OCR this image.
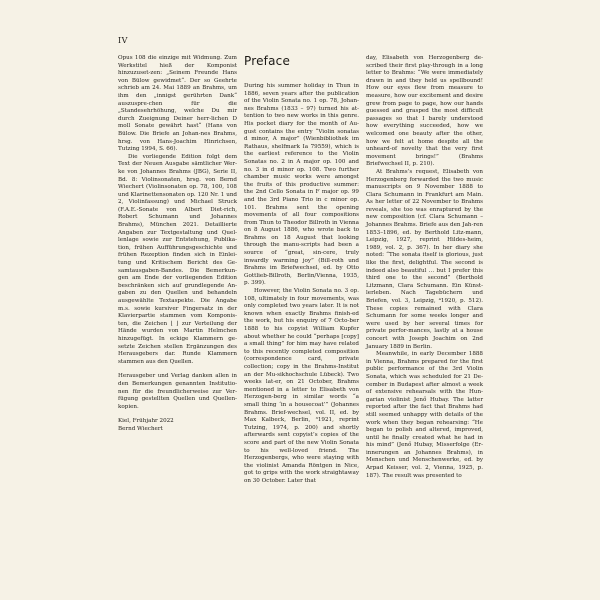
IV

Opus 108 die einzige mit Widmung. Zum Werkstitel hieß der Komponist hinzuzuset-zen: „Seinem Freunde Hans von Bülow gewidmet“. Der so Geehrte schrieb am 24. Mai 1889 an Brahms, um ihm den „innigst gerührten Dank“ auszuspre-chen für die „Standesehrhöhung, welche Du mir durch Zueignung Deiner herr-lichen D moll Sonate gewährt hast“ (Hans von Bülow. Die Briefe an Johan-nes Brahms, hrsg. von Hans-Joachim Hinrichsen, Tutzing 1994, S. 66).

Die vorliegende Edition folgt dem Text der Neuen Ausgabe sämtlicher Wer-ke von Johannes Brahms (JBG), Serie II, Bd. 8: Violinsonaten, hrsg. von Bernd Wiechert (Violinsonaten op. 78, 100, 108 und Klarinettensonaten op. 120 Nr. 1 und 2, Violinfassung) und Michael Struck (F.A.E.-Sonate von Albert Diet-rich, Robert Schumann und Johannes Brahms), München 2021. Detaillierte Angaben zur Textgestaltung und Quel-lenlage sowie zur Entstehung, Publika-tion, frühen Aufführungsgeschichte und frühen Rezeption finden sich in Einlei-tung und Kritischem Bericht des Ge-samtausgaben-Bandes. Die Bemerkun-gen am Ende der vorliegenden Edition beschränken sich auf grundlegende An-gaben zu den Quellen und behandeln ausgewählte Textaspekte. Die Angabe m.s. sowie kursiver Fingersatz in der Klavierpartie stammen vom Komponis-ten, die Zeichen ⌊ ⌋ zur Verteilung der Hände wurden von Martin Helmchen hinzugefügt. In eckige Klammern ge-setzte Zeichen stellen Ergänzungen des Herausgebers dar. Runde Klammern stammen aus den Quellen.

Herausgeber und Verlag danken allen in den Bemerkungen genannten Institutio-nen für die freundlicherweise zur Ver-fügung gestellten Quellen und Quellen-kopien.

Kiel, Frühjahr 2022

Bernd Wiechert

Preface

During his summer holiday in Thun in 1886, seven years after the publication of the Violin Sonata no. 1 op. 78, Johan-nes Brahms (1833 – 97) turned his at-tention to two new works in this genre. His pocket diary for the month of Au-gust contains the entry “Violin sonatas d minor, A major” (Wienbibliothek im Rathaus, shelfmark Ia 79559), which is the earliest reference to the Violin Sonatas no. 2 in A major op. 100 and no. 3 in d minor op. 108. Two further chamber music works were amongst the fruits of this productive summer: the 2nd Cello Sonata in F major op. 99 and the 3rd Piano Trio in c minor op. 101. Brahms sent the opening movements of all four compositions from Thun to Theodor Billroth in Vienna on 8 August 1886, who wrote back to Brahms on 18 August that looking through the manu-scripts had been a source of “great, sin-cere, truly inwardly warming joy” (Bill-roth und Brahms im Briefwechsel, ed. by Otto Gottlieb-Billroth, Berlin/Vienna, 1935, p. 399).

However, the Violin Sonata no. 3 op. 108, ultimately in four movements, was only completed two years later. It is not known when exactly Brahms finish-ed the work, but his enquiry of 7 Octo-ber 1888 to his copyist William Kupfer about whether he could “perhaps [copy] a small thing” for him may have related to this recently completed composition (correspondence card, private collection; copy in the Brahms-Institut an der Mu-sikhochschule Lübeck). Two weeks lat-er, on 21 October, Brahms mentioned in a letter to Elisabeth von Herzogen-berg in similar words “a small thing ‘in a housecoat’” (Johannes Brahms. Brief-wechsel, vol. II, ed. by Max Kalbeck, Berlin, ³1921, reprint Tutzing, 1974, p. 200) and shortly afterwards sent copyist’s copies of the score and part of the new Violin Sonata to his well-loved friend. The Herzogenbergs, who were staying with the violinist Amanda Röntgen in Nice, got to grips with the work straightaway on 30 October. Later that

day, Elisabeth von Herzogenberg de-scribed their first play-through in a long letter to Brahms: “We were immediately drawn in and they held us spellbound! How our eyes flew from measure to measure, how our excitement and desire grew from page to page, how our hands guessed and grasped the most difficult passages so that I barely understood how everything succeeded, how we welcomed one beauty after the other, how we felt at home despite all the unheard-of novelty that the very first movement brings!” (Brahms Briefwechsel II, p. 210).

At Brahms’s request, Elisabeth von Herzogenberg forwarded the two music manuscripts on 9 November 1888 to Clara Schumann in Frankfurt am Main. As her letter of 22 November to Brahms reveals, she too was enraptured by the new composition (cf. Clara Schumann – Johannes Brahms. Briefe aus den Jah-ren 1853–1896, ed. by Berthold Litz-mann, Leipzig, 1927, reprint Hildes-heim, 1989, vol. 2, p. 367). In her diary she noted: “The sonata itself is glorious, just like the first, delightful. The second is indeed also beautiful … but I prefer this third one to the second” (Berthold Litzmann, Clara Schumann. Ein Künst-lerleben. Nach Tagebüchern und Briefen, vol. 3, Leipzig, ⁴1920, p. 512). These copies remained with Clara Schumann for some weeks longer and were used by her several times for private perfor-mances, lastly at a house concert with Joseph Joachim on 2nd January 1889 in Berlin.

Meanwhile, in early December 1888 in Vienna, Brahms prepared for the first public performance of the 3rd Violin Sonata, which was scheduled for 21 De-cember in Budapest after almost a week of extensive rehearsals with the Hun-garian violinist Jenő Hubay. The latter reported after the fact that Brahms had still seemed unhappy with details of the work when they began rehearsing: “He began to polish and altered, improved, until he finally created what he had in his mind” (Jenő Hubay, Misserfolge (Er-innerungen an Johannes Brahms), in Menschen und Menschenwerke, ed. by Arpad Keisser, vol. 2, Vienna, 1925, p. 187). The result was presented to
